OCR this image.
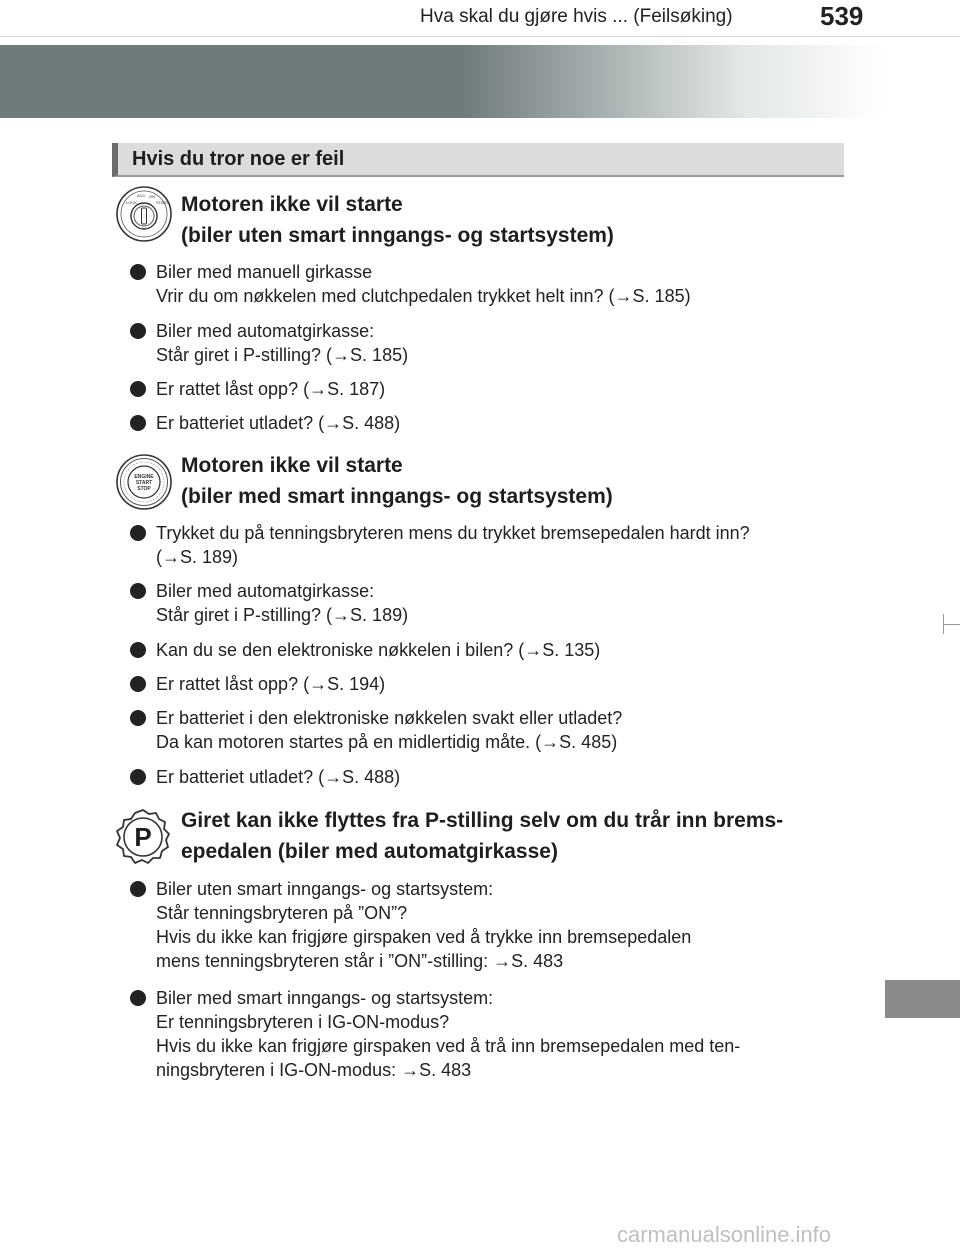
Hva skal du gjøre hvis ... (Feilsøking)	539
Hvis du tror noe er feil
LOCK
ACC ON
START Motoren ikke vil starte
(biler uten smart inngangs- og startsystem)
Biler med manuell girkasse
Vrir du om nøkkelen med clutchpedalen trykket helt inn? (→S. 185)
Biler med automatgirkasse:
Står giret i P-stilling? (→S. 185)
Er rattet låst opp? (→S. 187)
Er batteriet utladet? (→S. 488)
ENGINE
START
STOP
Motoren ikke vil starte
(biler med smart inngangs- og startsystem)
Trykket du på tenningsbryteren mens du trykket bremsepedalen hardt inn?
(→S. 189)
Biler med automatgirkasse:
Står giret i P-stilling? (→S. 189)
Kan du se den elektroniske nøkkelen i bilen? (→S. 135)
Er rattet låst opp? (→S. 194)
Er batteriet i den elektroniske nøkkelen svakt eller utladet?
Da kan motoren startes på en midlertidig måte. (→S. 485)
Er batteriet utladet? (→S. 488)
P
Giret kan ikke flyttes fra P-stilling selv om du trår inn brems-
epedalen (biler med automatgirkasse)
Biler uten smart inngangs- og startsystem:
Står tenningsbryteren på ”ON”?
Hvis du ikke kan frigjøre girspaken ved å trykke inn bremsepedalen
mens tenningsbryteren står i ”ON”-stilling: →S. 483
Biler med smart inngangs- og startsystem:
Er tenningsbryteren i IG-ON-modus?
Hvis du ikke kan frigjøre girspaken ved å trå inn bremsepedalen med ten-
ningsbryteren i IG-ON-modus: →S. 483
carmanualsonline.info
